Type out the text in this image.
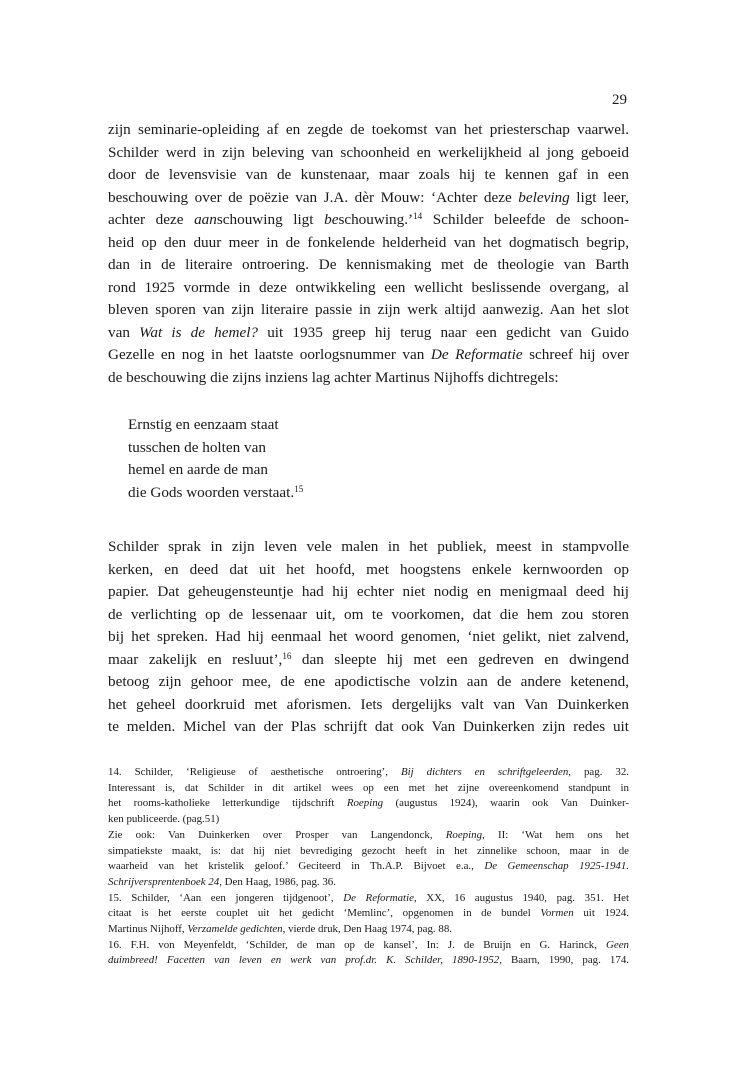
29
zijn seminarie-opleiding af en zegde de toekomst van het priesterschap vaarwel.
Schilder werd in zijn beleving van schoonheid en werkelijkheid al jong geboeid
door de levensvisie van de kunstenaar, maar zoals hij te kennen gaf in een
beschouwing over de poëzie van J.A. dèr Mouw: ‘Achter deze beleving ligt leer,
achter deze aanschouwing ligt beschouwing.’$^{14}$ Schilder beleefde de schoon-
heid op den duur meer in de fonkelende helderheid van het dogmatisch begrip,
dan in de literaire ontroering. De kennismaking met de theologie van Barth
rond 1925 vormde in deze ontwikkeling een wellicht beslissende overgang, al
bleven sporen van zijn literaire passie in zijn werk altijd aanwezig. Aan het slot
van Wat is de hemel? uit 1935 greep hij terug naar een gedicht van Guido
Gezelle en nog in het laatste oorlogsnummer van De Reformatie schreef hij over
de beschouwing die zijns inziens lag achter Martinus Nijhoffs dichtregels:
Ernstig en eenzaam staat
tusschen de holten van
hemel en aarde de man
die Gods woorden verstaat.$^{15}$
Schilder sprak in zijn leven vele malen in het publiek, meest in stampvolle
kerken, en deed dat uit het hoofd, met hoogstens enkele kernwoorden op
papier. Dat geheugensteuntje had hij echter niet nodig en menigmaal deed hij
de verlichting op de lessenaar uit, om te voorkomen, dat die hem zou storen
bij het spreken. Had hij eenmaal het woord genomen, ‘niet gelikt, niet zalvend,
maar zakelijk en resluut’,$^{16}$ dan sleepte hij met een gedreven en dwingend
betoog zijn gehoor mee, de ene apodictische volzin aan de andere ketenend,
het geheel doorkruid met aforismen. Iets dergelijks valt van Van Duinkerken
te melden. Michel van der Plas schrijft dat ook Van Duinkerken zijn redes uit
14. Schilder, ‘Religieuse of aesthetische ontroering’, Bij dichters en schriftgeleerden, pag. 32.
Interessant is, dat Schilder in dit artikel wees op een met het zijne overeenkomend standpunt in
het rooms-katholieke letterkundige tijdschrift Roeping (augustus 1924), waarin ook Van Duinker-
ken publiceerde. (pag.51)
Zie ook: Van Duinkerken over Prosper van Langendonck, Roeping, II: ‘Wat hem ons het
simpatiekste maakt, is: dat hij niet bevrediging gezocht heeft in het zinnelike schoon, maar in de
waarheid van het kristelik geloof.’ Geciteerd in Th.A.P. Bijvoet e.a., De Gemeenschap 1925-1941.
Schrijversprentenboek 24, Den Haag, 1986, pag. 36.
15. Schilder, ‘Aan een jongeren tijdgenoot’, De Reformatie, XX, 16 augustus 1940, pag. 351. Het
citaat is het eerste couplet uit het gedicht ‘Memlinc’, opgenomen in de bundel Vormen uit 1924.
Martinus Nijhoff, Verzamelde gedichten, vierde druk, Den Haag 1974, pag. 88.
16. F.H. von Meyenfeldt, ‘Schilder, de man op de kansel’, In: J. de Bruijn en G. Harinck, Geen
duimbreed! Facetten van leven en werk van prof.dr. K. Schilder, 1890-1952, Baarn, 1990, pag. 174.
